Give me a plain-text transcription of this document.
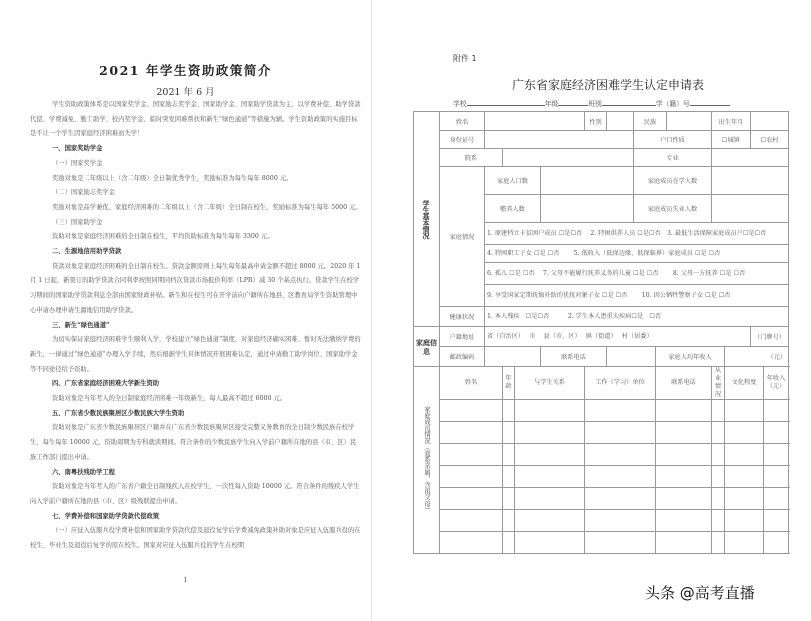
2021 年学生资助政策简介
2021 年 6 月

学生资助政策体系是以国家奖学金、国家励志奖学金、国家助学金、国家助学贷款为主，以学费补偿、助学贷款代偿、学费减免、勤工助学、校内奖学金、临时突发困难帮扶和新生“绿色通道”等措施为辅。学生资助政策的实施目标是不让一个学生因家庭经济困难而失学！

一、国家奖助学金

（一）国家奖学金

奖励对象是二年级以上（含二年级）全日制优秀学生，奖励标准为每生每年 8000 元。

（二）国家励志奖学金

奖励对象是品学兼优、家庭经济困难的二年级以上（含二年级）全日制在校生，奖励标准为每生每年 5000 元。

（三）国家助学金

资助对象是家庭经济困难的全日制在校生，平均资助标准为每生每年 3300 元。

二、生源地信用助学贷款

贷款对象是家庭经济困难的全日制在校生。贷款金额原则上每生每年最高申请金额不超过 8000 元。2020 年 1 月 1 日起，新签订的助学贷款合同利率按照同期同档次贷款市场报价利率（LPR）减 30 个基点执行。贷款学生在校学习期间的国家助学贷款利息全部由国家财政补贴。新生和在校生可在开学前向户籍所在地县、区教育局学生资助管理中心申请办理申请生源地信用助学贷款。

三、新生“绿色通道”

为切实保证家庭经济困难学生顺利入学，学校建立“绿色通道”制度，对家庭经济确实困难、暂时无法缴纳学费的新生，一律通过“绿色通道”办理入学手续，然后根据学生具体情况开展困难认定，通过申请勤工助学岗位、国家助学金等不同途径给予资助。

四、广东省家庭经济困难大学新生资助

资助对象是当年考入的全日制家庭经济困难一年级新生，每人最高不超过 6000 元。

五、广东省少数民族聚居区少数民族大学生资助

资助对象是广东省少数民族聚居区户籍并在广东省少数民族聚居区接受完整义务教育的全日制少数民族在校学生，每生每年 10000 元，资助周期为专科就读期间。符合条件的少数民族学生向入学前户籍所在地的县（市、区）民族工作部门提出申请。

六、南粤扶残助学工程

资助对象是当年考入的广东省户籍全日制残疾人在校学生，一次性每人资助 10000 元。符合条件的残疾人学生向入学前户籍所在地的县（市、区）级残联提出申请。

七、学费补偿和国家助学贷款代偿政策

（一）应征入伍服兵役学费补偿和国家助学贷款代偿及退役复学后学费减免政策补助对象是应征入伍服兵役的在校生、毕业生及退役后复学的原在校生。国家对应征入伍服兵役的学生在校期

1
附件 1
广东省家庭经济困难学生认定申请表
学校	年级	班别	学（籍）号
学生基本情况	姓名					性别		民族			出生年月				
	身份证号							户口性质			☐城镇		☐农村		
	院系							专业							
	家庭情况	家庭人口数						家庭成员在学人数							
		赡养人数						家庭成员失业人数							
		1. 原建档立卡贫困户成员 ☐是☐否　 2. 特困供养人员 ☐是☐否　3. 最低生活保障家庭成员户☐是☐否													
		4. 特困职工子女 ☐是 ☐否　　 5. 低收入（低保边缘、低保临界）家庭成员 ☐是 ☐否													
		6. 孤儿 ☐是 ☐否　 7. 父母不能履行抚养义务的儿童 ☐是 ☐否　　 8. 父母一方抚养 ☐是 ☐否													
		9. 享受国家定期抚恤补助的优抚对象子女 ☐是 ☐否　　 10. 因公牺牲警察子女 ☐是 ☐否													

	健康状况	1. 本人残疾　☐是☐否　　　2. 学生本人患重大疾病☐是　☐否													
家庭信息	户籍地址	省（自治区）　 市　 县（市、区）　 镇（街道）　 村（居委）											（门牌号）		
	邮政编码				联系电话				家庭人均年收入			（元）			
家庭成员情况（直系亲属，含祖父母）	姓名		年龄	与学生关系		工作（学习）单位			联系电话		从业情况	文化程度		年收入（元）	

头条 @高考直播
